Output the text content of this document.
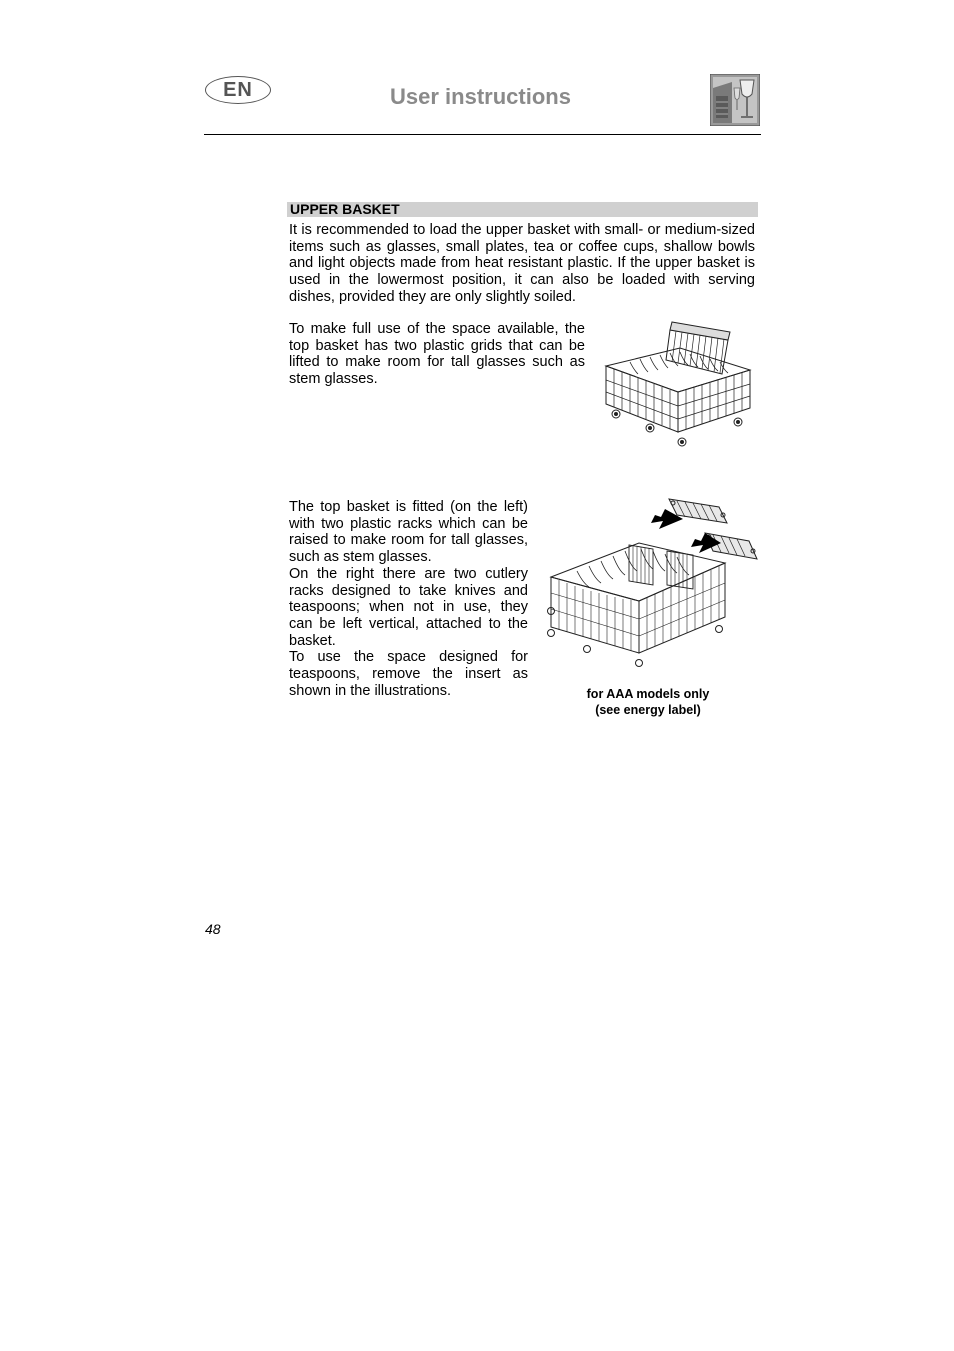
EN	User instructions
UPPER BASKET

It is recommended to load the upper basket with small- or medium-sized items such as glasses, small plates, tea or coffee cups, shallow bowls and light objects made from heat resistant plastic. If the upper basket is used in the lowermost position, it can also be loaded with serving dishes, provided they are only slightly soiled.

To make full use of the space available, the top basket has two plastic grids that can be lifted to make room for tall glasses such as stem glasses.

The top basket is fitted (on the left) with two plastic racks which can be raised to make room for tall glasses, such as stem glasses.
On the right there are two cutlery racks designed to take knives and teaspoons; when not in use, they can be left vertical, attached to the basket.
To use the space designed for teaspoons, remove the insert as shown in the illustrations.	for AAA models only
(see energy label)
48
